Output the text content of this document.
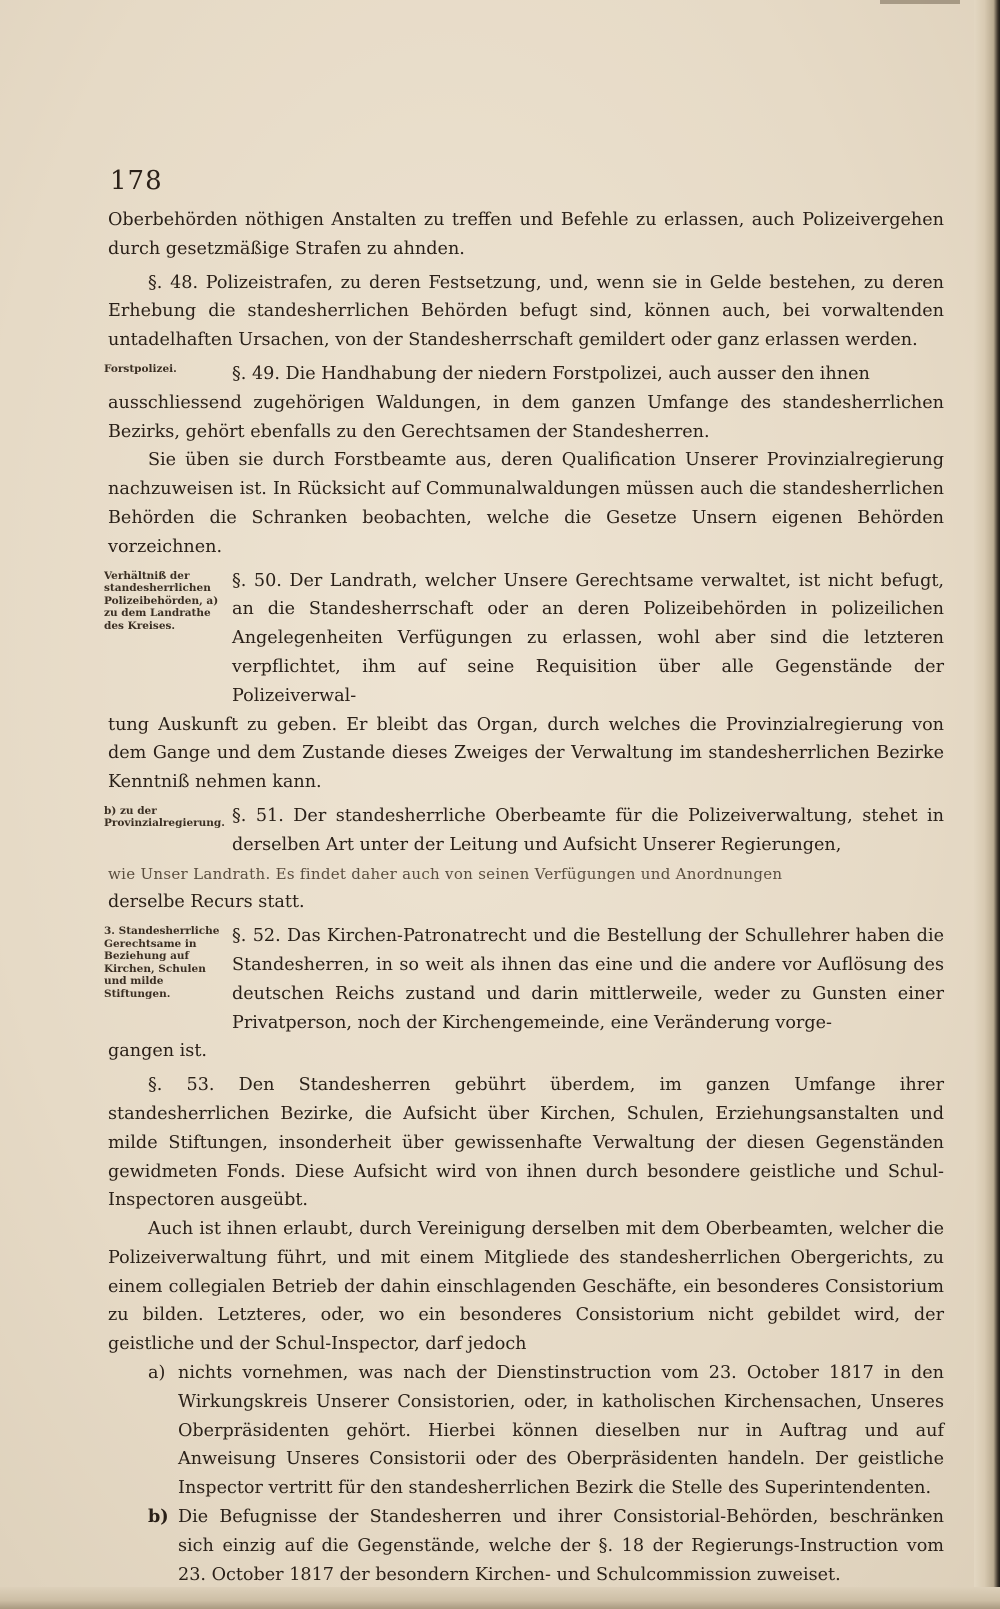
178

Oberbehörden nöthigen Anstalten zu treffen und Befehle zu erlassen, auch Polizeivergehen durch gesetzmäßige Strafen zu ahnden.

§. 48. Polizeistrafen, zu deren Festsetzung, und, wenn sie in Gelde bestehen, zu deren Erhebung die standesherrlichen Behörden befugt sind, können auch, bei vorwaltenden untadelhaften Ursachen, von der Standesherrschaft gemildert oder ganz erlassen werden.

Forstpolizei.	§. 49. Die Handhabung der niedern Forstpolizei, auch ausser den ihnen
ausschliessend zugehörigen Waldungen, in dem ganzen Umfange des standesherrlichen Bezirks, gehört ebenfalls zu den Gerechtsamen der Standesherren.

Sie üben sie durch Forstbeamte aus, deren Qualification Unserer Provinzialregierung nachzuweisen ist. In Rücksicht auf Communalwaldungen müssen auch die standesherrlichen Behörden die Schranken beobachten, welche die Gesetze Unsern eigenen Behörden vorzeichnen.

Verhältniß der standesherrlichen Polizeibehörden, a) zu dem Landrathe des Kreises.
§. 50. Der Landrath, welcher Unsere Gerechtsame verwaltet, ist nicht befugt, an die Standesherrschaft oder an deren Polizeibehörden in polizeilichen Angelegenheiten Verfügungen zu erlassen, wohl aber sind die letzteren verpflichtet, ihm auf seine Requisition über alle Gegenstände der Polizeiverwal-
tung Auskunft zu geben. Er bleibt das Organ, durch welches die Provinzialregierung von dem Gange und dem Zustande dieses Zweiges der Verwaltung im standesherrlichen Bezirke Kenntniß nehmen kann.
b) zu der Provinzialregierung. §. 51. Der standesherrliche Oberbeamte für die Polizeiverwaltung, stehet in derselben Art unter der Leitung und Aufsicht Unserer Regierungen,
wie Unser Landrath. Es findet daher auch von seinen Verfügungen und Anordnungen
derselbe Recurs statt.
3. Standesherrliche Gerechtsame in Beziehung auf Kirchen, Schulen und milde Stiftungen.
§. 52. Das Kirchen-Patronatrecht und die Bestellung der Schullehrer haben die Standesherren, in so weit als ihnen das eine und die andere vor Auflösung des deutschen Reichs zustand und darin mittlerweile, weder zu Gunsten einer Privatperson, noch der Kirchengemeinde, eine Veränderung vorge-
gangen ist.

§. 53. Den Standesherren gebührt überdem, im ganzen Umfange ihrer standesherrlichen Bezirke, die Aufsicht über Kirchen, Schulen, Erziehungsanstalten und milde Stiftungen, insonderheit über gewissenhafte Verwaltung der diesen Gegenständen gewidmeten Fonds. Diese Aufsicht wird von ihnen durch besondere geistliche und Schul-Inspectoren ausgeübt.

Auch ist ihnen erlaubt, durch Vereinigung derselben mit dem Oberbeamten, welcher die Polizeiverwaltung führt, und mit einem Mitgliede des standesherrlichen Obergerichts, zu einem collegialen Betrieb der dahin einschlagenden Geschäfte, ein besonderes Consistorium zu bilden. Letzteres, oder, wo ein besonderes Consistorium nicht gebildet wird, der geistliche und der Schul-Inspector, darf jedoch

a) nichts vornehmen, was nach der Dienstinstruction vom 23. October 1817 in den Wirkungskreis Unserer Consistorien, oder, in katholischen Kirchensachen, Unseres Oberpräsidenten gehört. Hierbei können dieselben nur in Auftrag und auf Anweisung Unseres Consistorii oder des Oberpräsidenten handeln. Der geistliche Inspector vertritt für den standesherrlichen Bezirk die Stelle des Superintendenten.
b) Die Befugnisse der Standesherren und ihrer Consistorial-Behörden, beschränken sich einzig auf die Gegenstände, welche der §. 18 der Regierungs-Instruction vom 23. October 1817 der besondern Kirchen- und Schulcommission zuweiset.
